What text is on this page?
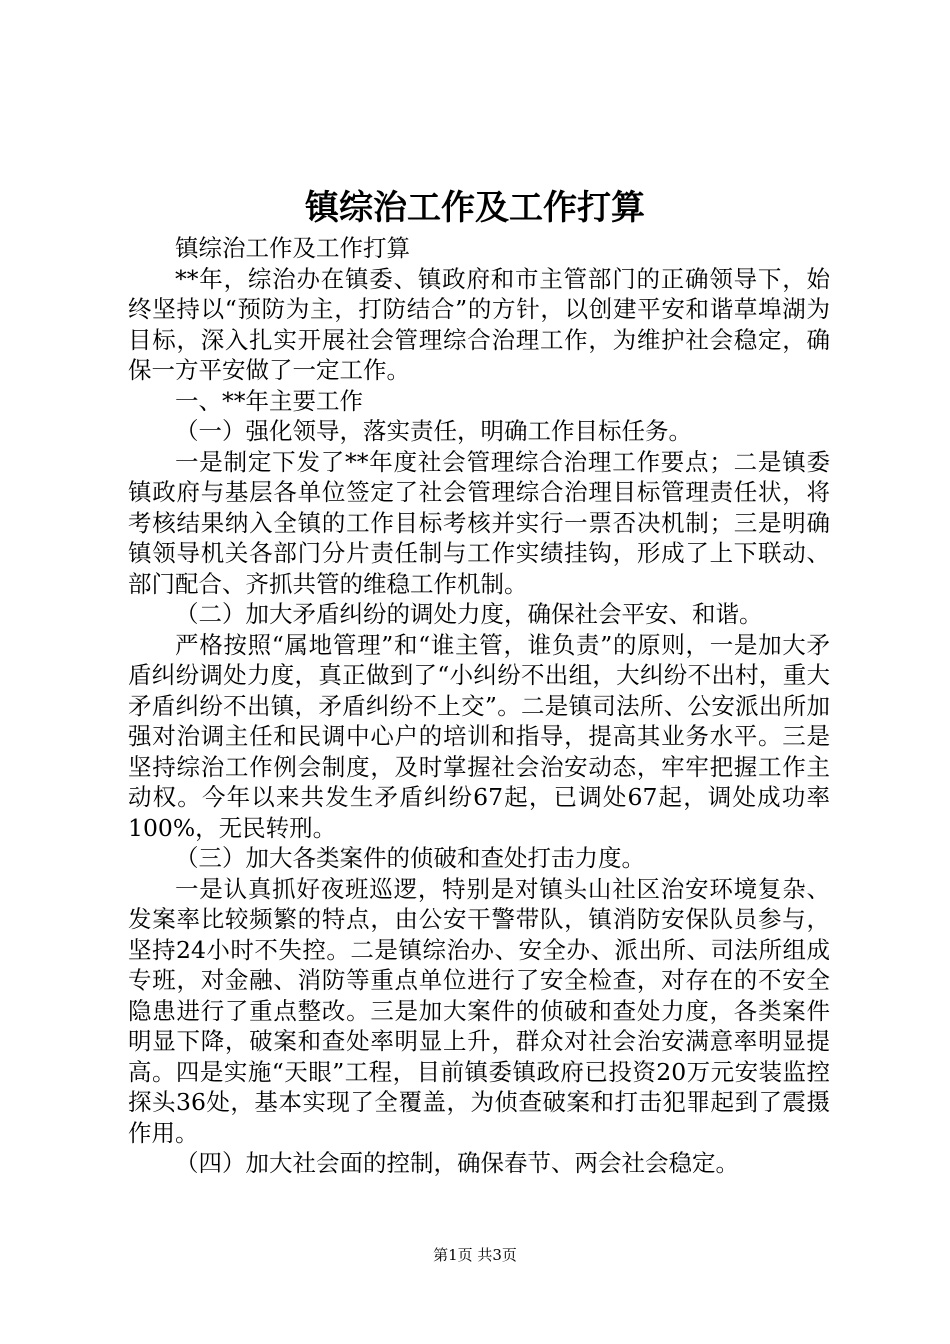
镇综治工作及工作打算

镇综治工作及工作打算

**年，综治办在镇委、镇政府和市主管部门的正确领导下，始终坚持以“预防为主，打防结合”的方针，以创建平安和谐草埠湖为目标，深入扎实开展社会管理综合治理工作，为维护社会稳定，确保一方平安做了一定工作。

一、**年主要工作

（一）强化领导，落实责任，明确工作目标任务。

一是制定下发了**年度社会管理综合治理工作要点；二是镇委镇政府与基层各单位签定了社会管理综合治理目标管理责任状，将考核结果纳入全镇的工作目标考核并实行一票否决机制；三是明确镇领导机关各部门分片责任制与工作实绩挂钩，形成了上下联动、部门配合、齐抓共管的维稳工作机制。

（二）加大矛盾纠纷的调处力度，确保社会平安、和谐。

严格按照“属地管理”和“谁主管，谁负责”的原则，一是加大矛盾纠纷调处力度，真正做到了“小纠纷不出组，大纠纷不出村，重大矛盾纠纷不出镇，矛盾纠纷不上交”。二是镇司法所、公安派出所加强对治调主任和民调中心户的培训和指导，提高其业务水平。三是坚持综治工作例会制度，及时掌握社会治安动态，牢牢把握工作主动权。今年以来共发生矛盾纠纷67起，已调处67起，调处成功率100%，无民转刑。

（三）加大各类案件的侦破和查处打击力度。

一是认真抓好夜班巡逻，特别是对镇头山社区治安环境复杂、发案率比较频繁的特点，由公安干警带队，镇消防安保队员参与，坚持24小时不失控。二是镇综治办、安全办、派出所、司法所组成专班，对金融、消防等重点单位进行了安全检查，对存在的不安全隐患进行了重点整改。三是加大案件的侦破和查处力度，各类案件明显下降，破案和查处率明显上升，群众对社会治安满意率明显提高。四是实施“天眼”工程，目前镇委镇政府已投资20万元安装监控探头36处，基本实现了全覆盖，为侦查破案和打击犯罪起到了震摄作用。

（四）加大社会面的控制，确保春节、两会社会稳定。

第1页 共3页
